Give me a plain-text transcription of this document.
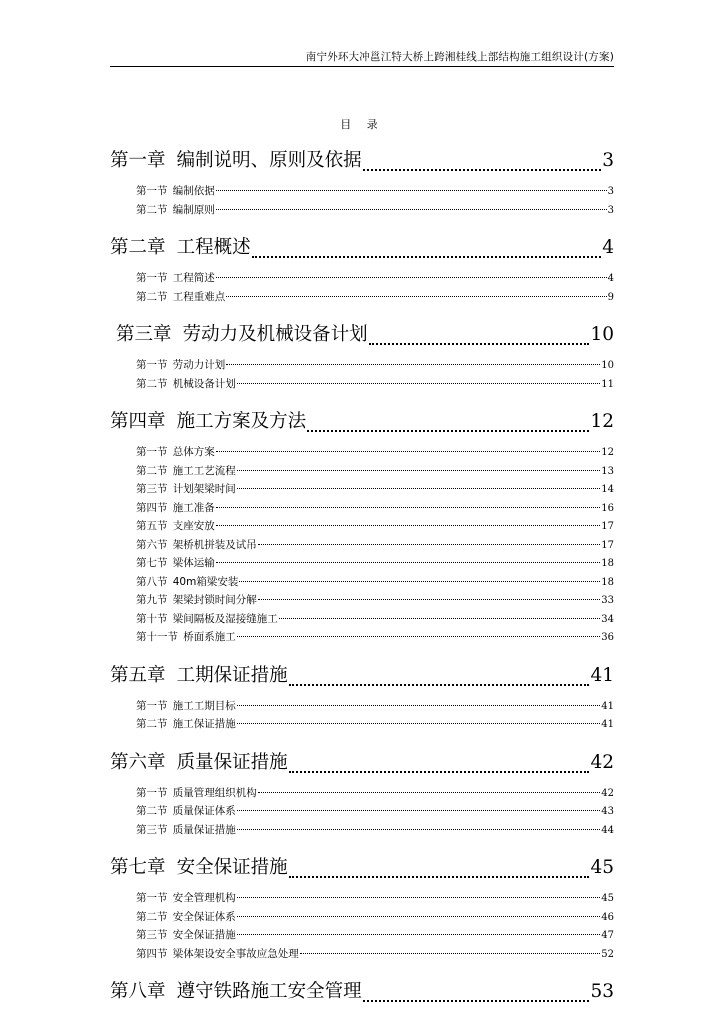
南宁外环大冲邕江特大桥上跨湘桂线上部结构施工组织设计(方案)
目 录
第一章 编制说明、原则及依据	3
第一节 编制依据	3
第二节 编制原则	3
第二章 工程概述	4
第一节 工程简述	4
第二节 工程重难点	9
第三章 劳动力及机械设备计划	10
第一节 劳动力计划	10
第二节 机械设备计划	11
第四章 施工方案及方法	12
第一节 总体方案	12
第二节 施工工艺流程	13
第三节 计划架梁时间	14
第四节 施工准备	16
第五节 支座安放	17
第六节 架桥机拼装及试吊	17
第七节 梁体运输	18
第八节 40m箱梁安装	18
第九节 架梁封锁时间分解	33
第十节 梁间隔板及湿接缝施工	34
第十一节 桥面系施工	36
第五章 工期保证措施	41
第一节 施工工期目标	41
第二节 施工保证措施	41
第六章 质量保证措施	42
第一节 质量管理组织机构	42
第二节 质量保证体系	43
第三节 质量保证措施	44
第七章 安全保证措施	45
第一节 安全管理机构	45
第二节 安全保证体系	46
第三节 安全保证措施	47
第四节 梁体架设安全事故应急处理	52
第八章 遵守铁路施工安全管理	53
